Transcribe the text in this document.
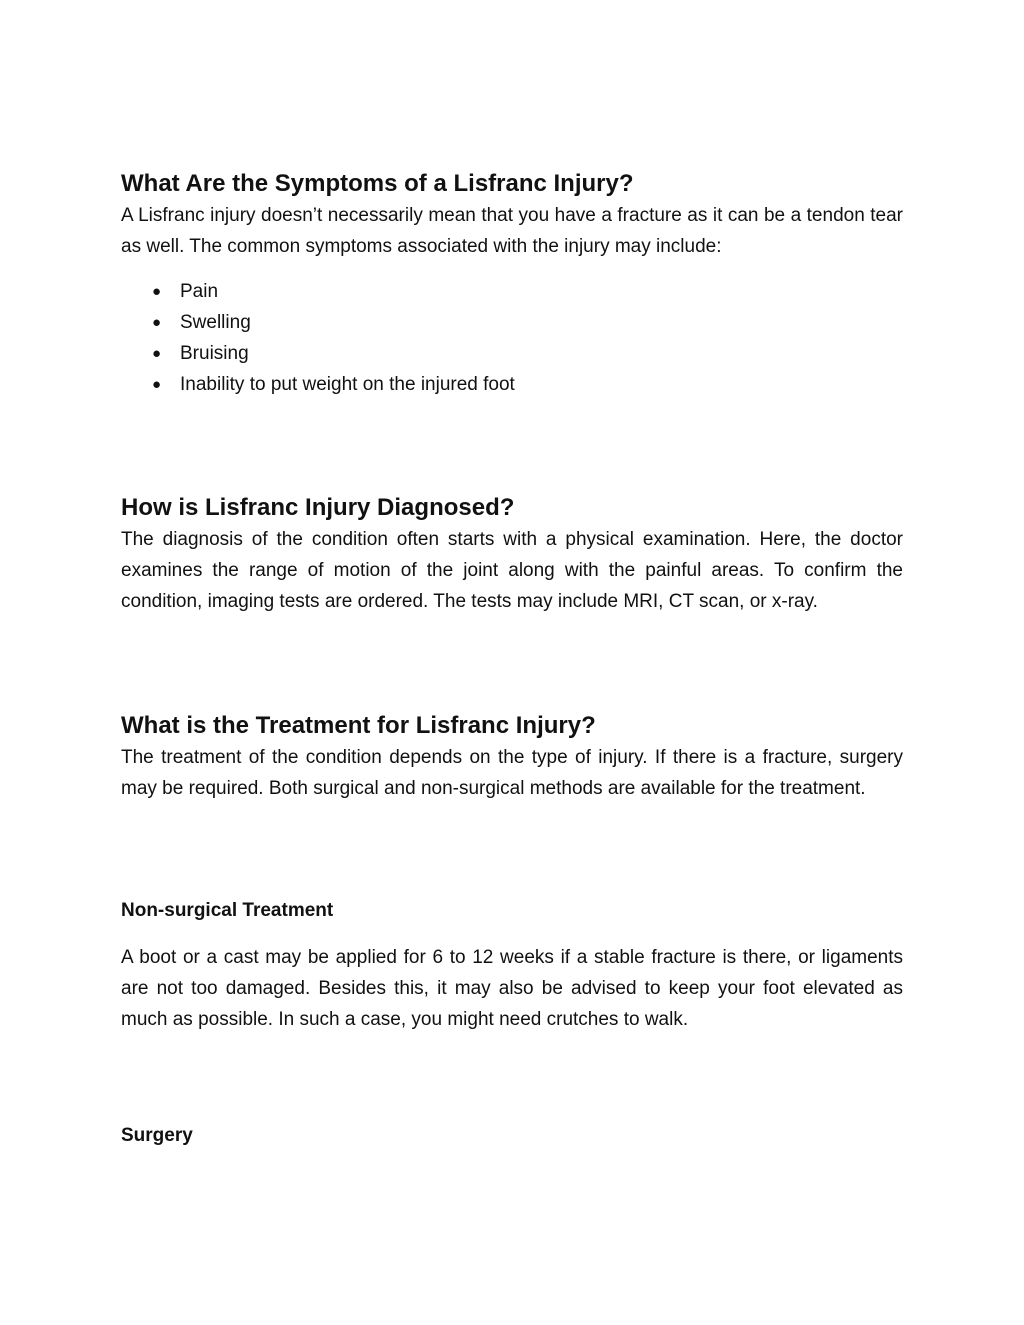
What Are the Symptoms of a Lisfranc Injury?

A Lisfranc injury doesn’t necessarily mean that you have a fracture as it can be a tendon tear as well. The common symptoms associated with the injury may include:

● Pain
● Swelling
● Bruising
● Inability to put weight on the injured foot
How is Lisfranc Injury Diagnosed?

The diagnosis of the condition often starts with a physical examination. Here, the doctor examines the range of motion of the joint along with the painful areas. To confirm the condition, imaging tests are ordered. The tests may include MRI, CT scan, or x-ray.

What is the Treatment for Lisfranc Injury?

The treatment of the condition depends on the type of injury. If there is a fracture, surgery may be required. Both surgical and non-surgical methods are available for the treatment.

Non-surgical Treatment

A boot or a cast may be applied for 6 to 12 weeks if a stable fracture is there, or ligaments are not too damaged. Besides this, it may also be advised to keep your foot elevated as much as possible. In such a case, you might need crutches to walk.

Surgery
